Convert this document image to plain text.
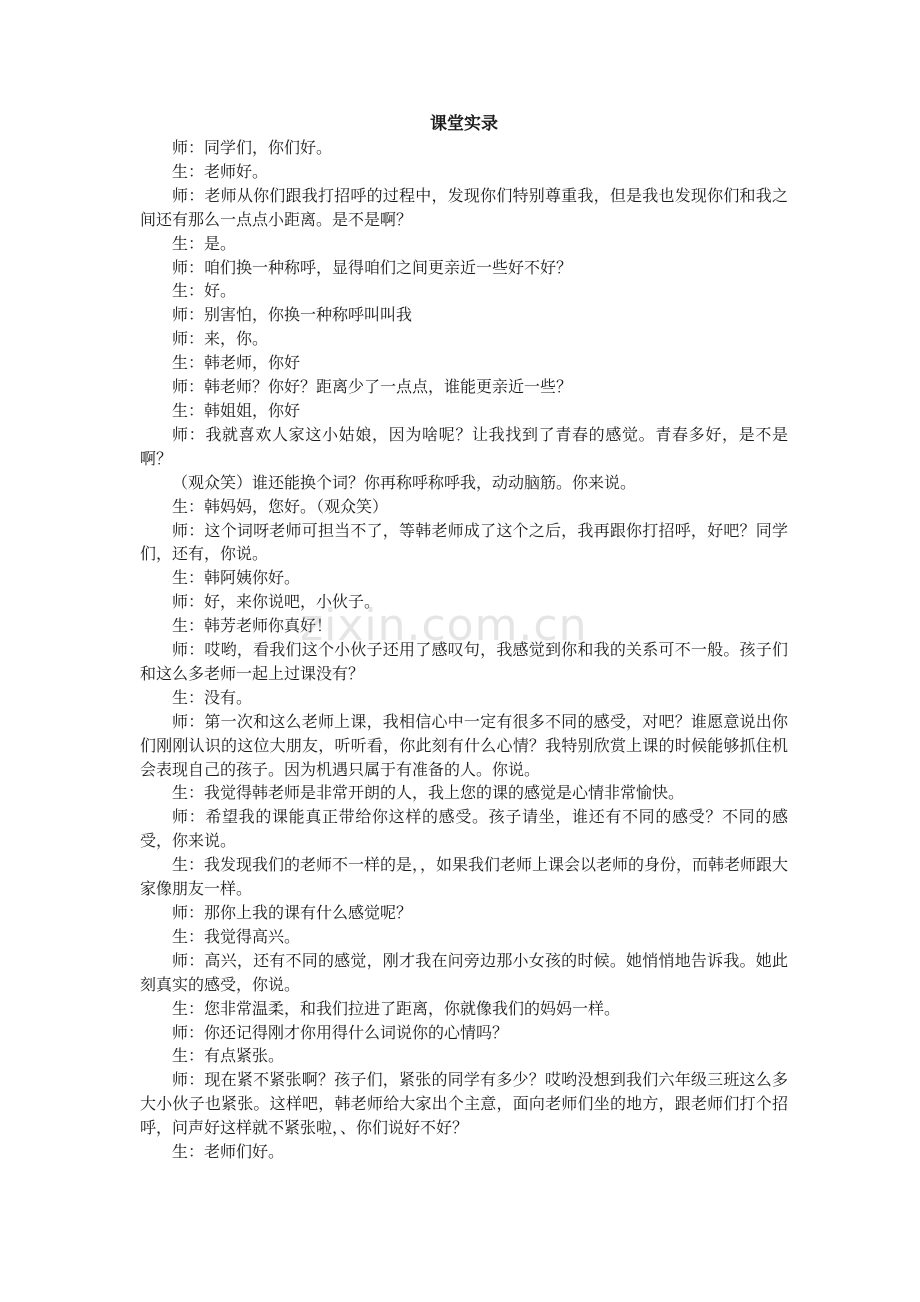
课堂实录

师：同学们，你们好。

生：老师好。

师：老师从你们跟我打招呼的过程中，发现你们特别尊重我，但是我也发现你们和我之间还有那么一点点小距离。是不是啊？

生：是。

师：咱们换一种称呼，显得咱们之间更亲近一些好不好？

生：好。

师：别害怕，你换一种称呼叫叫我

师：来，你。

生：韩老师，你好

师：韩老师？你好？距离少了一点点，谁能更亲近一些？

生：韩姐姐，你好

师：我就喜欢人家这小姑娘，因为啥呢？让我找到了青春的感觉。青春多好，是不是啊？

（观众笑）谁还能换个词？你再称呼称呼我，动动脑筋。你来说。

生：韩妈妈，您好。（观众笑）

师：这个词呀老师可担当不了，等韩老师成了这个之后，我再跟你打招呼，好吧？同学们，还有，你说。

生：韩阿姨你好。

师：好，来你说吧，小伙子。

生：韩芳老师你真好！

师：哎哟，看我们这个小伙子还用了感叹句，我感觉到你和我的关系可不一般。孩子们和这么多老师一起上过课没有？

生：没有。

师：第一次和这么老师上课，我相信心中一定有很多不同的感受，对吧？谁愿意说出你们刚刚认识的这位大朋友，听听看，你此刻有什么心情？我特别欣赏上课的时候能够抓住机会表现自己的孩子。因为机遇只属于有准备的人。你说。

生：我觉得韩老师是非常开朗的人，我上您的课的感觉是心情非常愉快。

师：希望我的课能真正带给你这样的感受。孩子请坐，谁还有不同的感受？不同的感受，你来说。

生：我发现我们的老师不一样的是，，如果我们老师上课会以老师的身份，而韩老师跟大家像朋友一样。

师：那你上我的课有什么感觉呢？

生：我觉得高兴。

师：高兴，还有不同的感觉，刚才我在问旁边那小女孩的时候。她悄悄地告诉我。她此刻真实的感受，你说。

生：您非常温柔，和我们拉进了距离，你就像我们的妈妈一样。

师：你还记得刚才你用得什么词说你的心情吗？

生：有点紧张。

师：现在紧不紧张啊？孩子们，紧张的同学有多少？哎哟没想到我们六年级三班这么多大小伙子也紧张。这样吧，韩老师给大家出个主意，面向老师们坐的地方，跟老师们打个招呼，问声好这样就不紧张啦，、你们说好不好？

生：老师们好。

zixin.com.cn
